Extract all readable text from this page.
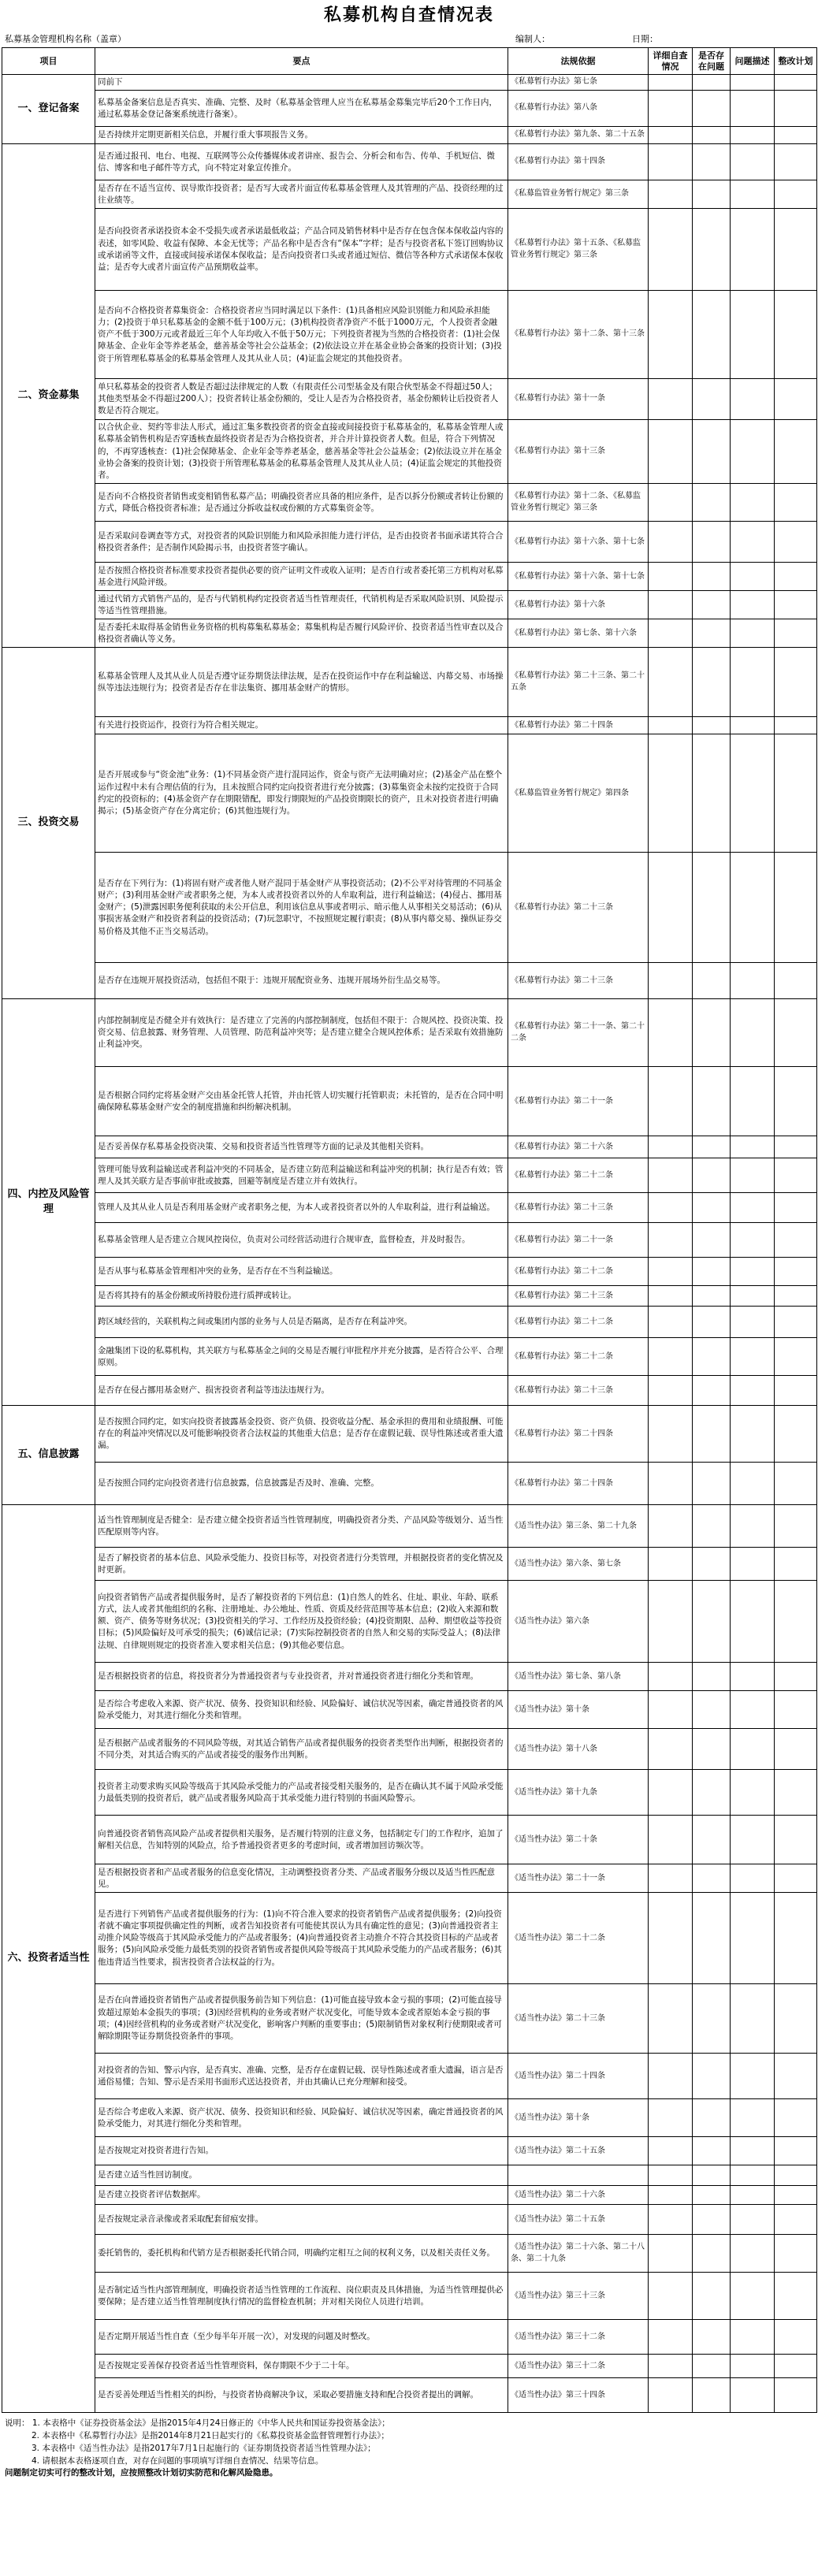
私募机构自查情况表
私募基金管理机构名称（盖章）	编制人：	日期：
项目	要点	法规依据	详细自查情况	是否存在问题	问题描述	整改计划
一、登记备案	同前下	《私募暂行办法》第七条				
	私募基金备案信息是否真实、准确、完整、及时（私募基金管理人应当在私募基金募集完毕后20个工作日内，通过私募基金登记备案系统进行备案）。	《私募暂行办法》第八条				
	是否持续并定期更新相关信息，并履行重大事项报告义务。	《私募暂行办法》第九条、第二十五条				
二、资金募集	是否通过报刊、电台、电视、互联网等公众传播媒体或者讲座、报告会、分析会和布告、传单、手机短信、微信、博客和电子邮件等方式，向不特定对象宣传推介。	《私募暂行办法》第十四条				
	是否存在不适当宣传、误导欺诈投资者；是否写大或者片面宣传私募基金管理人及其管理的产品、投资经理的过往业绩等。	《私募监管业务暂行规定》第三条				
	是否向投资者承诺投资本金不受损失或者承诺最低收益；产品合同及销售材料中是否存在包含保本保收益内容的表述，如零风险、收益有保障、本金无忧等；产品名称中是否含有“保本”字样；是否与投资者私下签订回购协议或承诺函等文件，直接或间接承诺保本保收益；是否向投资者口头或者通过短信、微信等各种方式承诺保本保收益；是否夸大或者片面宣传产品预期收益率。	《私募暂行办法》第十五条、《私募监管业务暂行规定》第三条				
	是否向不合格投资者募集资金：合格投资者应当同时满足以下条件：(1)具备相应风险识别能力和风险承担能力；(2)投资于单只私募基金的金额不低于100万元；(3)机构投资者净资产不低于1000万元，个人投资者金融资产不低于300万元或者最近三年个人年均收入不低于50万元；下列投资者视为当然的合格投资者：(1)社会保障基金、企业年金等养老基金，慈善基金等社会公益基金；(2)依法设立并在基金业协会备案的投资计划；(3)投资于所管理私募基金的私募基金管理人及其从业人员；(4)证监会规定的其他投资者。	《私募暂行办法》第十二条、第十三条				
	单只私募基金的投资者人数是否超过法律规定的人数（有限责任公司型基金及有限合伙型基金不得超过50人；其他类型基金不得超过200人）；投资者转让基金份额的，受让人是否为合格投资者，基金份额转让后投资者人数是否符合规定。	《私募暂行办法》第十一条				
	以合伙企业、契约等非法人形式，通过汇集多数投资者的资金直接或间接投资于私募基金的，私募基金管理人或私募基金销售机构是否穿透核查最终投资者是否为合格投资者，并合并计算投资者人数。但是，符合下列情况的，不再穿透核查：(1)社会保障基金、企业年金等养老基金，慈善基金等社会公益基金；(2)依法设立并在基金业协会备案的投资计划；(3)投资于所管理私募基金的私募基金管理人及其从业人员；(4)证监会规定的其他投资者。	《私募暂行办法》第十三条				
	是否向不合格投资者销售或变相销售私募产品；明确投资者应具备的相应条件，是否以拆分份额或者转让份额的方式，降低合格投资者标准；是否通过分拆收益权或份额的方式募集资金等。	《私募暂行办法》第十二条、《私募监管业务暂行规定》第三条				
	是否采取问卷调查等方式，对投资者的风险识别能力和风险承担能力进行评估，是否由投资者书面承诺其符合合格投资者条件；是否制作风险揭示书，由投资者签字确认。	《私募暂行办法》第十六条、第十七条				
	是否按照合格投资者标准要求投资者提供必要的资产证明文件或收入证明；是否自行或者委托第三方机构对私募基金进行风险评级。	《私募暂行办法》第十六条、第十七条				
	通过代销方式销售产品的，是否与代销机构约定投资者适当性管理责任，代销机构是否采取风险识别、风险提示等适当性管理措施。	《私募暂行办法》第十六条				
	是否委托未取得基金销售业务资格的机构募集私募基金；募集机构是否履行风险评价、投资者适当性审查以及合格投资者确认等义务。	《私募暂行办法》第七条、第十六条				
三、投资交易	私募基金管理人及其从业人员是否遵守证券期货法律法规，是否在投资运作中存在利益输送、内幕交易、市场操纵等违法违规行为；投资者是否存在非法集资、挪用基金财产的情形。	《私募暂行办法》第二十三条、第二十五条				
	有关进行投资运作，投资行为符合相关规定。	《私募暂行办法》第二十四条				
	是否开展或参与“资金池”业务：(1)不同基金资产进行混同运作，资金与资产无法明确对应；(2)基金产品在整个运作过程中未有合理估值的行为，且未按照合同约定向投资者进行充分披露；(3)募集资金未按约定投资于合同约定的投资标的；(4)基金资产存在期限错配，即发行期限短的产品投资期限长的资产，且未对投资者进行明确揭示；(5)基金资产存在分离定价；(6)其他违规行为。	《私募监管业务暂行规定》第四条				
	是否存在下列行为：(1)将固有财产或者他人财产混同于基金财产从事投资活动；(2)不公平对待管理的不同基金财产；(3)利用基金财产或者职务之便，为本人或者投资者以外的人牟取利益，进行利益输送；(4)侵占、挪用基金财产；(5)泄露因职务便利获取的未公开信息，利用该信息从事或者明示、暗示他人从事相关交易活动；(6)从事损害基金财产和投资者利益的投资活动；(7)玩忽职守，不按照规定履行职责；(8)从事内幕交易、操纵证券交易价格及其他不正当交易活动。	《私募暂行办法》第二十三条				
	是否存在违规开展投资活动，包括但不限于：违规开展配资业务、违规开展场外衍生品交易等。	《私募暂行办法》第二十三条				
四、内控及风险管理	内部控制制度是否健全并有效执行：是否建立了完善的内部控制制度，包括但不限于：合规风控、投资决策、投资交易、信息披露、财务管理、人员管理、防范利益冲突等；是否建立健全合规风控体系；是否采取有效措施防止利益冲突。	《私募暂行办法》第二十一条、第二十二条				
	是否根据合同约定将基金财产交由基金托管人托管，并由托管人切实履行托管职责；未托管的，是否在合同中明确保障私募基金财产安全的制度措施和纠纷解决机制。	《私募暂行办法》第二十一条				
	是否妥善保存私募基金投资决策、交易和投资者适当性管理等方面的记录及其他相关资料。	《私募暂行办法》第二十六条				
	管理可能导致利益输送或者利益冲突的不同基金，是否建立防范利益输送和利益冲突的机制；执行是否有效；管理人及其关联方是否事前审批或披露，回避等制度是否建立并有效执行。	《私募暂行办法》第二十二条				
	管理人及其从业人员是否利用基金财产或者职务之便，为本人或者投资者以外的人牟取利益，进行利益输送。	《私募暂行办法》第二十三条				
	私募基金管理人是否建立合规风控岗位，负责对公司经营活动进行合规审查，监督检查，并及时报告。	《私募暂行办法》第二十一条				
	是否从事与私募基金管理相冲突的业务，是否存在不当利益输送。	《私募暂行办法》第二十二条				
	是否将其持有的基金份额或所持股份进行质押或转让。	《私募暂行办法》第二十三条				
	跨区域经营的，关联机构之间或集团内部的业务与人员是否隔离，是否存在利益冲突。	《私募暂行办法》第二十二条				
	金融集团下设的私募机构，其关联方与私募基金之间的交易是否履行审批程序并充分披露，是否符合公平、合理原则。	《私募暂行办法》第二十二条				
	是否存在侵占挪用基金财产、损害投资者利益等违法违规行为。	《私募暂行办法》第二十三条				
五、信息披露	是否按照合同约定，如实向投资者披露基金投资、资产负债、投资收益分配、基金承担的费用和业绩报酬、可能存在的利益冲突情况以及可能影响投资者合法权益的其他重大信息；是否存在虚假记载、误导性陈述或者重大遗漏。	《私募暂行办法》第二十四条				
	是否按照合同约定向投资者进行信息披露，信息披露是否及时、准确、完整。	《私募暂行办法》第二十四条				
六、投资者适当性	适当性管理制度是否健全：是否建立健全投资者适当性管理制度，明确投资者分类、产品风险等级划分、适当性匹配原则等内容。	《适当性办法》第三条、第二十九条				
	是否了解投资者的基本信息、风险承受能力、投资目标等，对投资者进行分类管理，并根据投资者的变化情况及时更新。	《适当性办法》第六条、第七条				
	向投资者销售产品或者提供服务时，是否了解投资者的下列信息：(1)自然人的姓名、住址、职业、年龄、联系方式，法人或者其他组织的名称、注册地址、办公地址、性质、资质及经营范围等基本信息；(2)收入来源和数额、资产、债务等财务状况；(3)投资相关的学习、工作经历及投资经验；(4)投资期限、品种、期望收益等投资目标；(5)风险偏好及可承受的损失；(6)诚信记录；(7)实际控制投资者的自然人和交易的实际受益人；(8)法律法规、自律规则规定的投资者准入要求相关信息；(9)其他必要信息。	《适当性办法》第六条				
	是否根据投资者的信息，将投资者分为普通投资者与专业投资者，并对普通投资者进行细化分类和管理。	《适当性办法》第七条、第八条				
	是否综合考虑收入来源、资产状况、债务、投资知识和经验、风险偏好、诚信状况等因素，确定普通投资者的风险承受能力，对其进行细化分类和管理。	《适当性办法》第十条				
	是否根据产品或者服务的不同风险等级，对其适合销售产品或者提供服务的投资者类型作出判断，根据投资者的不同分类，对其适合购买的产品或者接受的服务作出判断。	《适当性办法》第十八条				
	投资者主动要求购买风险等级高于其风险承受能力的产品或者接受相关服务的，是否在确认其不属于风险承受能力最低类别的投资者后，就产品或者服务风险高于其承受能力进行特别的书面风险警示。	《适当性办法》第十九条				
	向普通投资者销售高风险产品或者提供相关服务，是否履行特别的注意义务，包括制定专门的工作程序，追加了解相关信息，告知特别的风险点，给予普通投资者更多的考虑时间，或者增加回访频次等。	《适当性办法》第二十条				
	是否根据投资者和产品或者服务的信息变化情况，主动调整投资者分类、产品或者服务分级以及适当性匹配意见。	《适当性办法》第二十一条				
	是否进行下列销售产品或者提供服务的行为：(1)向不符合准入要求的投资者销售产品或者提供服务；(2)向投资者就不确定事项提供确定性的判断，或者告知投资者有可能使其误认为具有确定性的意见；(3)向普通投资者主动推介风险等级高于其风险承受能力的产品或者服务；(4)向普通投资者主动推介不符合其投资目标的产品或者服务；(5)向风险承受能力最低类别的投资者销售或者提供风险等级高于其风险承受能力的产品或者服务；(6)其他违背适当性要求，损害投资者合法权益的行为。	《适当性办法》第二十二条				
	是否在向普通投资者销售产品或者提供服务前告知下列信息：(1)可能直接导致本金亏损的事项；(2)可能直接导致超过原始本金损失的事项；(3)因经营机构的业务或者财产状况变化，可能导致本金或者原始本金亏损的事项；(4)因经营机构的业务或者财产状况变化，影响客户判断的重要事由；(5)限制销售对象权利行使期限或者可解除期限等证券期货投资条件的事项。	《适当性办法》第二十三条				
	对投资者的告知、警示内容，是否真实、准确、完整，是否存在虚假记载、误导性陈述或者重大遗漏，语言是否通俗易懂；告知、警示是否采用书面形式送达投资者，并由其确认已充分理解和接受。	《适当性办法》第二十四条				
	是否综合考虑收入来源、资产状况、债务、投资知识和经验、风险偏好、诚信状况等因素，确定普通投资者的风险承受能力，对其进行细化分类和管理。	《适当性办法》第十条				
	是否按规定对投资者进行告知。	《适当性办法》第二十五条				
	是否建立适当性回访制度。					
	是否建立投资者评估数据库。	《适当性办法》第二十六条				
	是否按规定录音录像或者采取配套留痕安排。	《适当性办法》第二十五条				
	委托销售的，委托机构和代销方是否根据委托代销合同，明确约定相互之间的权利义务，以及相关责任义务。	《适当性办法》第二十六条、第二十八条、第二十九条				
	是否制定适当性内部管理制度，明确投资者适当性管理的工作流程、岗位职责及具体措施，为适当性管理提供必要保障；是否建立适当性管理制度执行情况的监督检查机制；并对相关岗位人员进行培训。	《适当性办法》第三十三条				
	是否定期开展适当性自查（至少每半年开展一次），对发现的问题及时整改。	《适当性办法》第三十二条				
	是否按规定妥善保存投资者适当性管理资料，保存期限不少于二十年。	《适当性办法》第三十二条				
	是否妥善处理适当性相关的纠纷，与投资者协商解决争议，采取必要措施支持和配合投资者提出的调解。	《适当性办法》第三十四条				
说明： 1. 本表格中《证券投资基金法》是指2015年4月24日修正的《中华人民共和国证券投资基金法》；
2. 本表格中《私募暂行办法》是指2014年8月21日起实行的《私募投资基金监督管理暂行办法》；
3. 本表格中《适当性办法》是指2017年7月1日起施行的《证券期货投资者适当性管理办法》；
4. 请根据本表格逐项自查，对存在问题的事项填写详细自查情况、结果等信息。
问题制定切实可行的整改计划，应按照整改计划切实防范和化解风险隐患。
